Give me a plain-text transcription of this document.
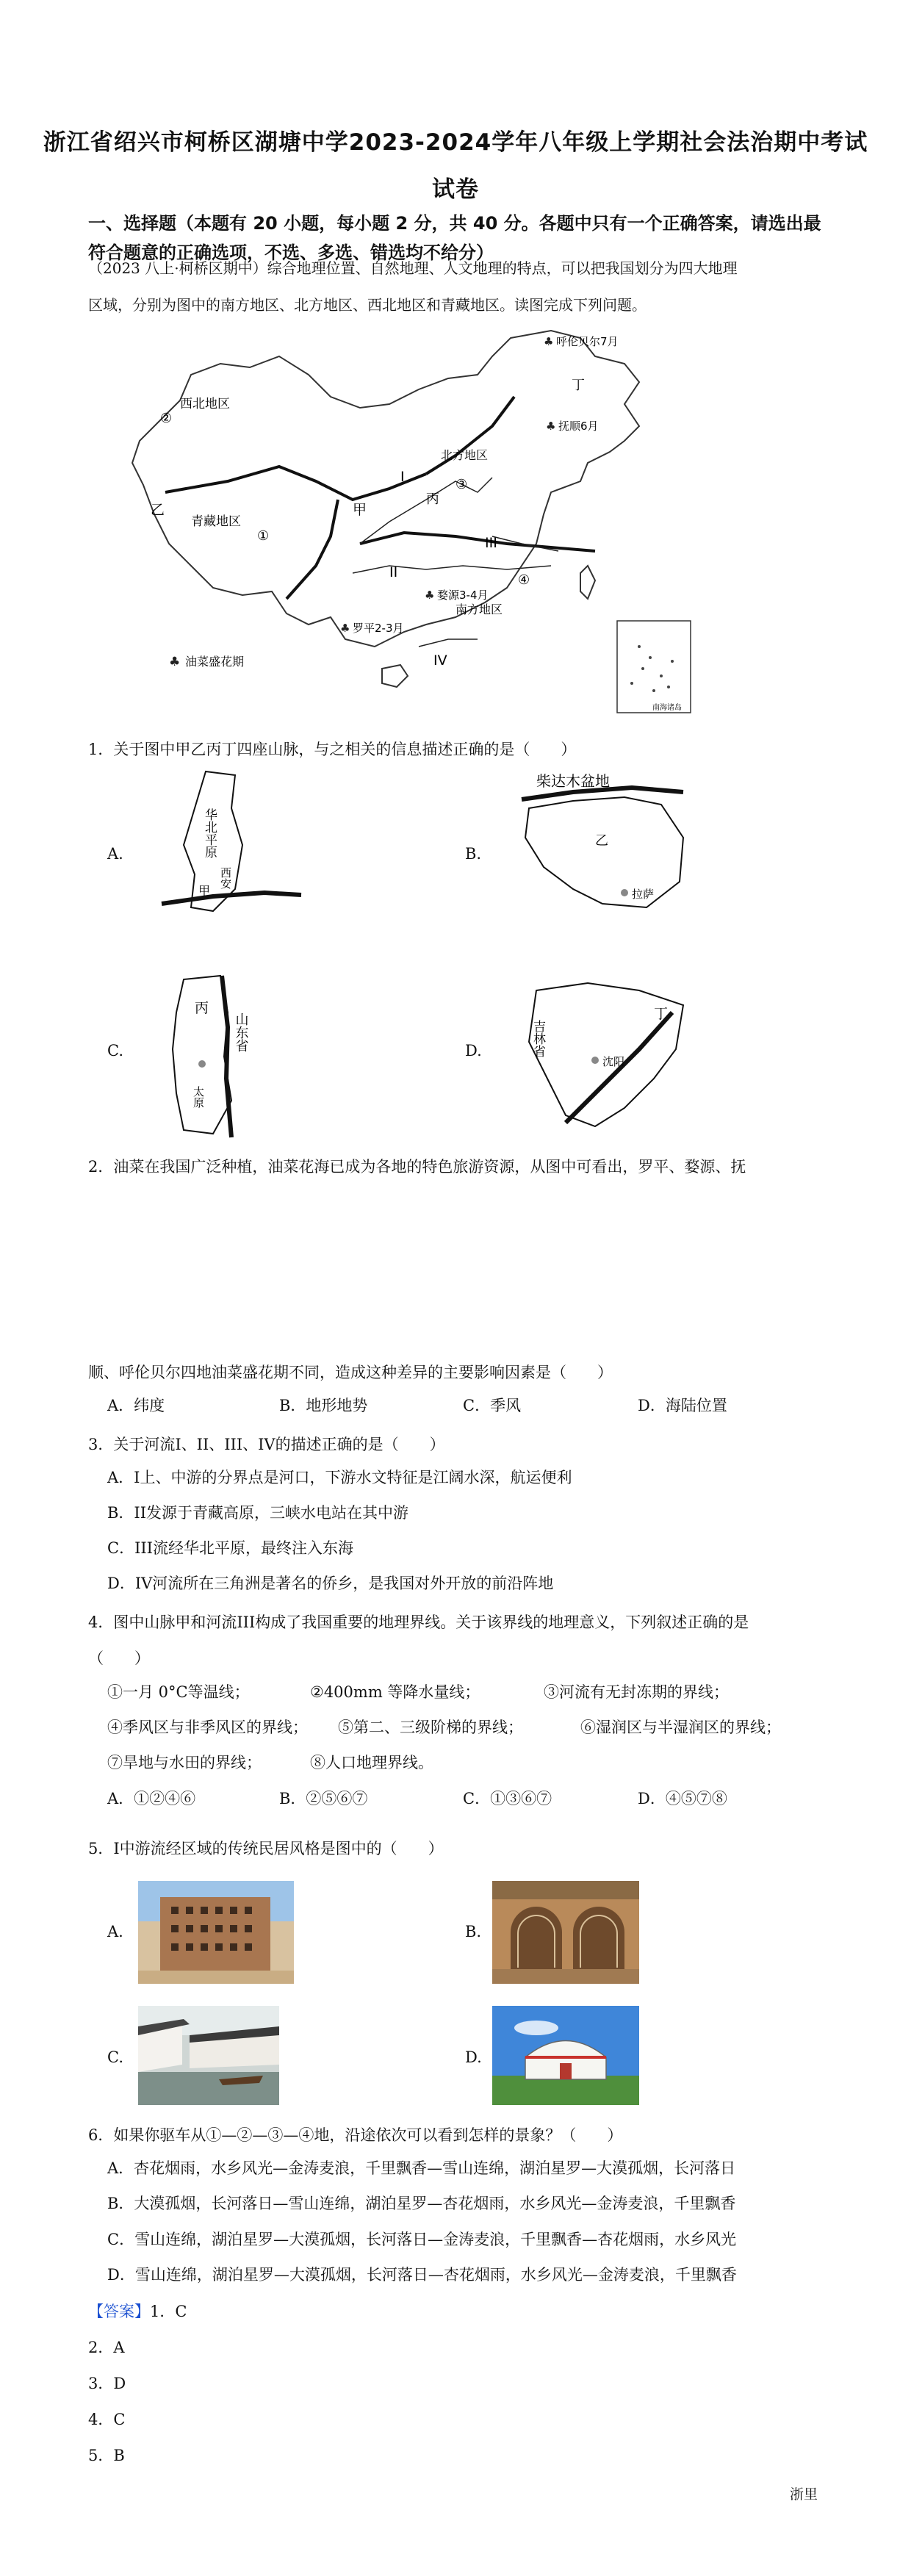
浙江省绍兴市柯桥区湖塘中学2023-2024学年八年级上学期社会法治期中考试
试卷
一、选择题（本题有 20 小题，每小题 2 分，共 40 分。各题中只有一个正确答案，请选出最符合题意的正确选项，不选、多选、错选均不给分）
（2023 八上·柯桥区期中）综合地理位置、自然地理、人文地理的特点，可以把我国划分为四大地理
区域，分别为图中的南方地区、北方地区、西北地区和青藏地区。读图完成下列问题。
西北地区
②
乙
青藏地区
①
甲
I
北方地区
丙
③
III
II	④
南方地区
IV
丁
呼伦贝尔7月
抚顺6月
婺源3-4月
罗平2-3月
♣ 油菜盛花期
♣
♣
♣
♣
南海诸岛
1．关于图中甲乙丙丁四座山脉，与之相关的信息描述正确的是（　　）
A.	华北平原
西安
甲
B.
柴达木盆地
乙
拉萨
C.
丙
山东省
太原
D.	吉林省
沈阳
丁
2．油菜在我国广泛种植，油菜花海已成为各地的特色旅游资源，从图中可看出，罗平、婺源、抚
顺、呼伦贝尔四地油菜盛花期不同，造成这种差异的主要影响因素是（　　）
A．纬度	B．地形地势	C．季风	D．海陆位置
3．关于河流I、II、III、IV的描述正确的是（　　）
A．I上、中游的分界点是河口，下游水文特征是江阔水深，航运便利
B．II发源于青藏高原，三峡水电站在其中游
C．III流经华北平原，最终注入东海
D．IV河流所在三角洲是著名的侨乡，是我国对外开放的前沿阵地
4．图中山脉甲和河流III构成了我国重要的地理界线。关于该界线的地理意义，下列叙述正确的是
（　　）
①一月 0°C等温线；	②400mm 等降水量线；	③河流有无封冻期的界线；
④季风区与非季风区的界线； ⑤第二、三级阶梯的界线；	⑥湿润区与半湿润区的界线；
⑦旱地与水田的界线；	⑧人口地理界线。
A．①②④⑥	B．②⑤⑥⑦	C．①③⑥⑦	D．④⑤⑦⑧
5．I中游流经区域的传统民居风格是图中的（　　）
A.	B.
C.	D.
6．如果你驱车从①—②—③—④地，沿途依次可以看到怎样的景象？（　　）
A．杏花烟雨，水乡风光—金涛麦浪，千里飘香—雪山连绵，湖泊星罗—大漠孤烟，长河落日
B．大漠孤烟，长河落日—雪山连绵，湖泊星罗—杏花烟雨，水乡风光—金涛麦浪，千里飘香
C．雪山连绵，湖泊星罗—大漠孤烟，长河落日—金涛麦浪，千里飘香—杏花烟雨，水乡风光
D．雪山连绵，湖泊星罗—大漠孤烟，长河落日—杏花烟雨，水乡风光—金涛麦浪，千里飘香
【答案】1．C
2．A
3．D
4．C
5．B
浙里
